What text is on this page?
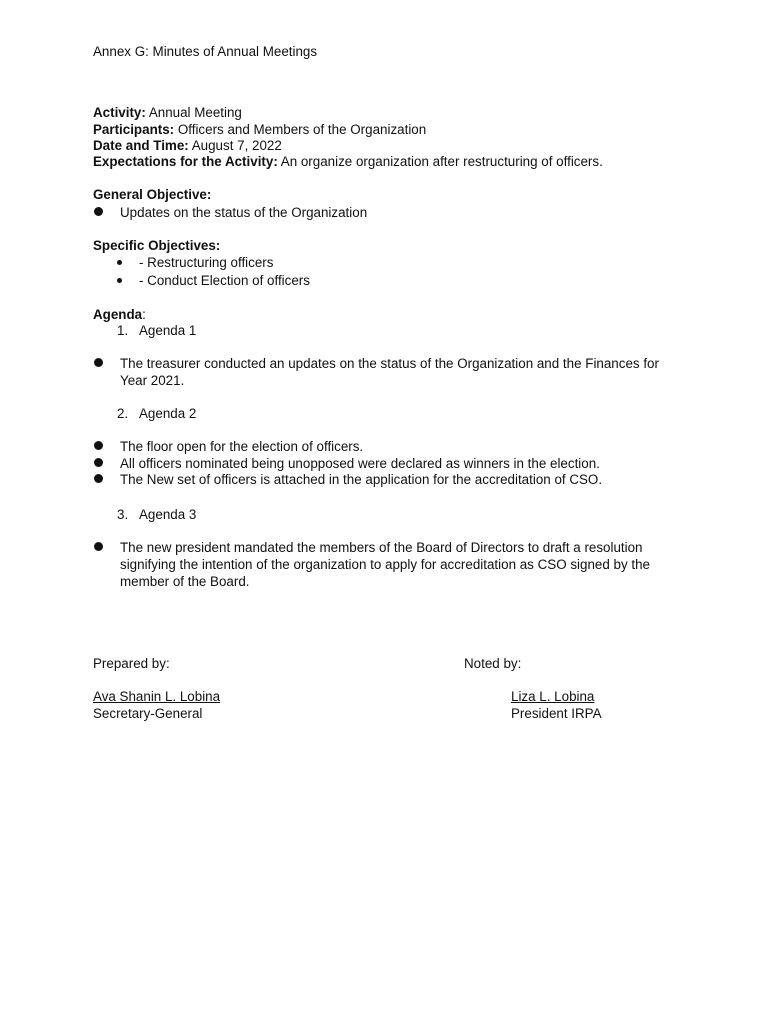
Annex G: Minutes of Annual Meetings
Activity: Annual Meeting
Participants: Officers and Members of the Organization
Date and Time: August 7, 2022
Expectations for the Activity: An organize organization after restructuring of officers.
General Objective:
Updates on the status of the Organization
Specific Objectives:
- Restructuring officers
- Conduct Election of officers
Agenda:
1. Agenda 1
The treasurer conducted an updates on the status of the Organization and the Finances for Year 2021.
2. Agenda 2
The floor open for the election of officers.
All officers nominated being unopposed were declared as winners in the election.
The New set of officers is attached in the application for the accreditation of CSO.
3. Agenda 3
The new president mandated the members of the Board of Directors to draft a resolution signifying the intention of the organization to apply for accreditation as CSO signed by the member of the Board.
Prepared by:
Ava Shanin L. Lobina
Secretary-General
Noted by:
Liza L. Lobina
President IRPA
